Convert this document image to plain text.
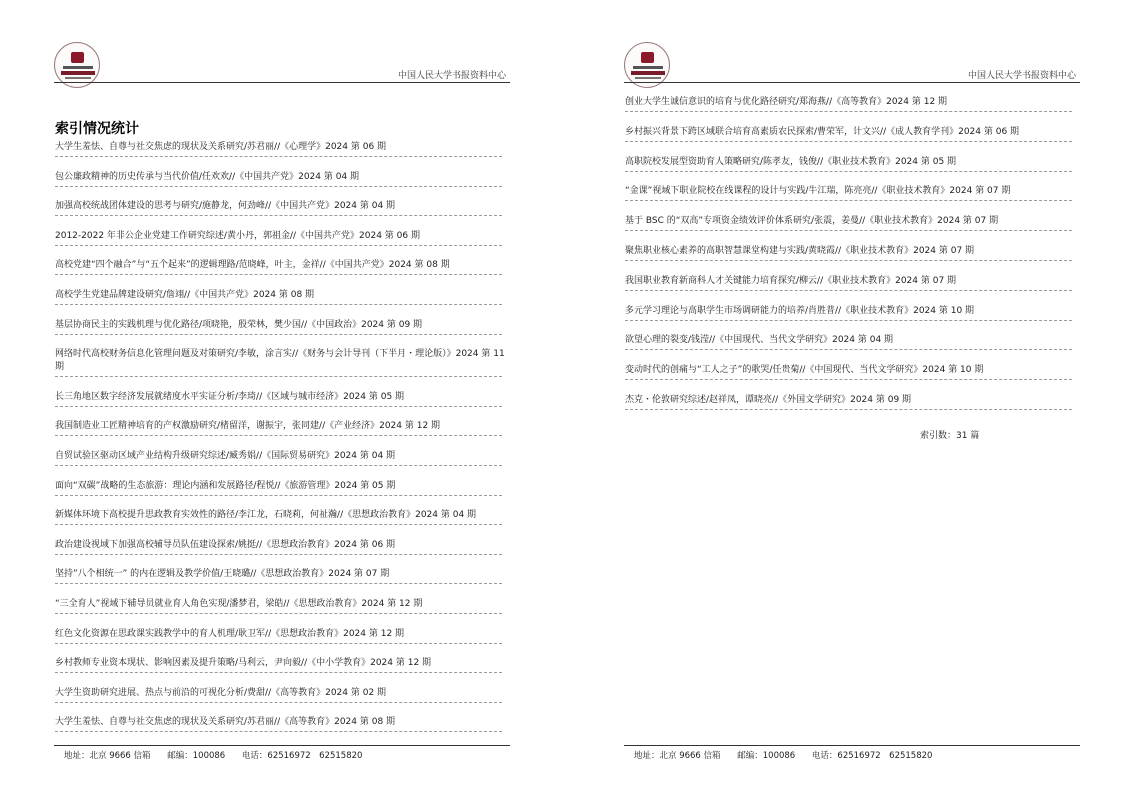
中国人民大学书报资料中心
索引情况统计
大学生羞怯、自尊与社交焦虑的现状及关系研究/苏君丽//《心理学》2024 第 06 期
包公廉政精神的历史传承与当代价值/任欢欢//《中国共产党》2024 第 04 期
加强高校统战团体建设的思考与研究/施静龙，何劲峰//《中国共产党》2024 第 04 期
2012-2022 年非公企业党建工作研究综述/黄小丹，郭祖金//《中国共产党》2024 第 06 期
高校党建“四个融合”与“五个起来”的逻辑理路/范晓峰，叶主，金祥//《中国共产党》2024 第 08 期
高校学生党建品牌建设研究/詹翊//《中国共产党》2024 第 08 期
基层协商民主的实践机理与优化路径/项晓艳，殷荣林，樊少国//《中国政治》2024 第 09 期
网络时代高校财务信息化管理问题及对策研究/李敏，涂言实//《财务与会计导刊（下半月・理论版）》2024 第 11 期
长三角地区数字经济发展就绪度水平实证分析/李琦//《区域与城市经济》2024 第 05 期
我国制造业工匠精神培育的产权激励研究/楮留洋，谢振宇，张同建//《产业经济》2024 第 12 期
自贸试验区驱动区域产业结构升级研究综述/臧秀娟//《国际贸易研究》2024 第 04 期
面向“双碳”战略的生态旅游：理论内涵和发展路径/程悦//《旅游管理》2024 第 05 期
新媒体环境下高校提升思政教育实效性的路径/李江龙，石晓莉，何祉瀚//《思想政治教育》2024 第 04 期
政治建设视域下加强高校辅导员队伍建设探索/姚挺//《思想政治教育》2024 第 06 期
坚持”八个相统一” 的内在逻辑及教学价值/王晓璐//《思想政治教育》2024 第 07 期
“三全育人”视域下辅导员就业育人角色实现/潘梦君，梁皓//《思想政治教育》2024 第 12 期
红色文化资源在思政课实践教学中的育人机理/耿卫军//《思想政治教育》2024 第 12 期
乡村教师专业资本现状、影响因素及提升策略/马利云，尹向毅//《中小学教育》2024 第 12 期
大学生资助研究进展、热点与前沿的可视化分析/费甜//《高等教育》2024 第 02 期
大学生羞怯、自尊与社交焦虑的现状及关系研究/苏君丽//《高等教育》2024 第 08 期
地址：北京 9666 信箱 邮编：100086 电话：62516972　62515820
中国人民大学书报资料中心
创业大学生诚信意识的培育与优化路径研究/郑海燕//《高等教育》2024 第 12 期
乡村振兴背景下跨区域联合培育高素质农民探索/曹荣军，计文兴//《成人教育学刊》2024 第 06 期
高职院校发展型资助育人策略研究/陈孝友，钱俊//《职业技术教育》2024 第 05 期
“金课”视域下职业院校在线课程的设计与实践/牛江瑞，陈亮亮//《职业技术教育》2024 第 07 期
基于 BSC 的“双高”专项资金绩效评价体系研究/张震，姜曼//《职业技术教育》2024 第 07 期
聚焦职业核心素养的高职智慧课堂构建与实践/黄晓霞//《职业技术教育》2024 第 07 期
我国职业教育新商科人才关键能力培育探究/柳云//《职业技术教育》2024 第 07 期
多元学习理论与高职学生市场调研能力的培养/肖胜普//《职业技术教育》2024 第 10 期
欲望心理的裂变/钱滢//《中国现代、当代文学研究》2024 第 04 期
变动时代的创痛与“工人之子”的歌哭/任贵菊//《中国现代、当代文学研究》2024 第 10 期
杰克・伦敦研究综述/赵祥凤，谭晓亮//《外国文学研究》2024 第 09 期
索引数：31 篇
地址：北京 9666 信箱 邮编：100086 电话：62516972　62515820
